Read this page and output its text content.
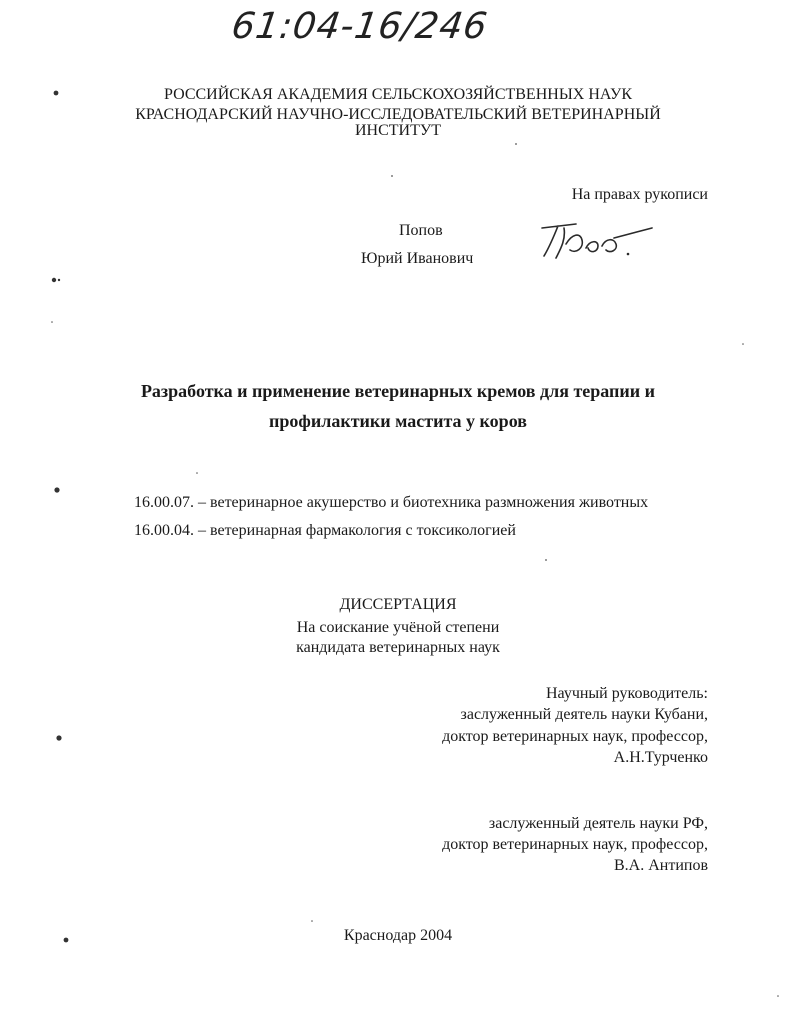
61:04-16/246
РОССИЙСКАЯ АКАДЕМИЯ СЕЛЬСКОХОЗЯЙСТВЕННЫХ НАУК
КРАСНОДАРСКИЙ НАУЧНО-ИССЛЕДОВАТЕЛЬСКИЙ ВЕТЕРИНАРНЫЙ
ИНСТИТУТ
На правах рукописи
Попов
Юрий Иванович
Разработка и применение ветеринарных кремов для терапии и
профилактики мастита у коров
16.00.07. – ветеринарное акушерство и биотехника размножения животных
16.00.04. – ветеринарная фармакология с токсикологией
ДИССЕРТАЦИЯ
На соискание учёной степени
кандидата ветеринарных наук
Научный руководитель:
заслуженный деятель науки Кубани,
доктор ветеринарных наук, профессор,
А.Н.Турченко
заслуженный деятель науки РФ,
доктор ветеринарных наук, профессор,
В.А. Антипов
Краснодар 2004
